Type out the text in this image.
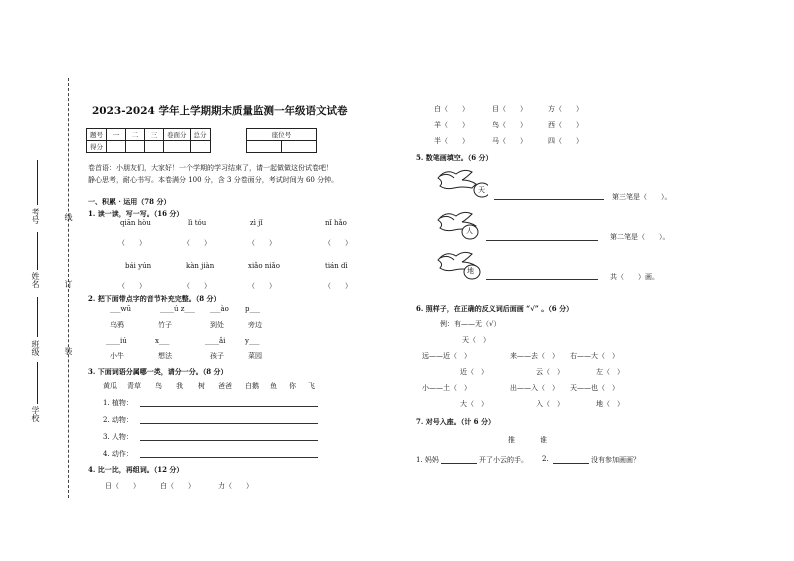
线
订
装
考号
姓名
班级
学校
2023-2024 学年上学期期末质量监测一年级语文试卷
题号	一	二	三	卷面分	总分
得分					
座位号

卷首语：小朋友们，大家好！一个学期的学习结束了，请一起做做这份试卷吧！
静心思考，耐心书写。本卷满分 100 分，含 3 分卷面分，考试时间为 60 分钟。
一、积累 · 运用（78 分）
1. 读一读，写一写。（16 分）
qiān hòu	lì tóu	zì jǐ	nǐ hǎo
（　　）	（　　）	（　　）	（　　）
bái yún	kàn jiàn	xiǎo niǎo	tián dì
（　　）	（　　）	（　　）	（　　）
2. 把下面带点字的音节补充完整。（8 分）
___wū	____ú z___ ___ào p___
乌鸦	竹子	到处	旁边
____iú	x___	____ǎi	y___
小牛	想法	孩子	菜园
3. 下面词语分属哪一类，请分一分。（8 分）
黄瓜 青草 鸟 我 树 爸爸 白鹅 鱼 你 飞
1. 植物：
2. 动物：
3. 人物：
4. 动作：
4. 比一比，再组词。（12 分）
日（　　）	白（　　）	力（　　）
白（　　）	目（　　）	方（　　）
羊（　　）	鸟（　　）	西（　　）
半（　　）	马（　　）	四（　　）
5. 数笔画填空。（6 分）
天
第三笔是（　　）。
人
第二笔是（　　）。
地
共（　　）画。
6. 照样子，在正确的反义词后面画 “√” 。（6 分）
例：有——无（√）
天（　）
远——近（　）	来——去（　） 右——大（　）
近（　）	云（　）	左（　）
小——土（　）	出——入（　） 天——也（　）
大（　）	入（　）	地（　）
7. 对号入座。（计 6 分）
推	谁
1. 妈妈	开了小云的手。 2.	没有参加画画？
